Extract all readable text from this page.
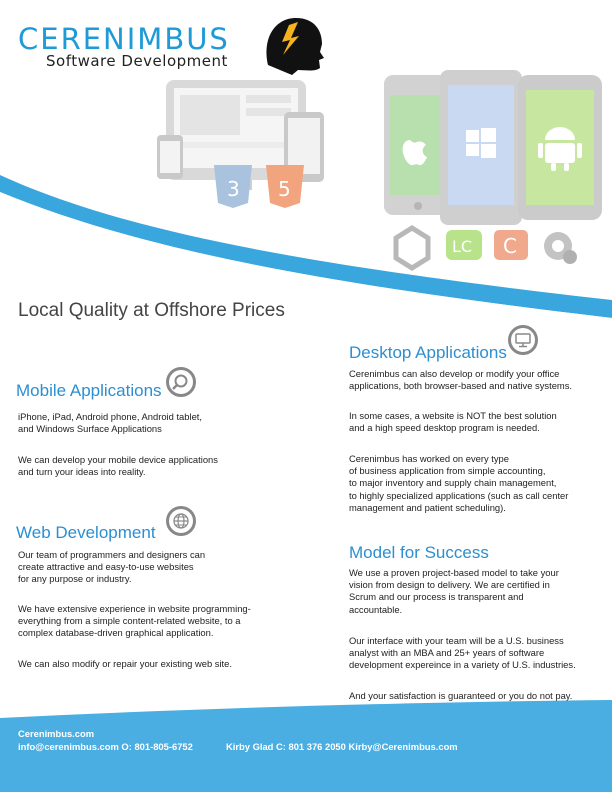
3 5
LC C
CERENIMBUS
Software Development
Local Quality at Offshore Prices
Mobile Applications

iPhone, iPad, Android phone, Android tablet,
and Windows Surface Applications

We can develop your mobile device applications
and turn your ideas into reality.

Web Development

Our team of programmers and designers can
create attractive and easy-to-use websites
for any purpose or industry.

We have extensive experience in website programming-
everything from a simple content-related website, to a
complex database-driven graphical application.

We can also modify or repair your existing web site.

Desktop Applications

Cerenimbus can also develop or modify your office
applications, both browser-based and native systems.

In some cases, a website is NOT the best solution
and a high speed desktop program is needed.

Cerenimbus has worked on every type
of business application from simple accounting,
to major inventory and supply chain management,
to highly specialized applications (such as call center
management and patient scheduling).

Model for Success

We use a proven project-based model to take your
vision from design to delivery. We are certified in
Scrum and our process is transparent and
accountable.

Our interface with your team will be a U.S. business
analyst with an MBA and 25+ years of software
development expereince in a variety of U.S. industries.

And your satisfaction is guaranteed or you do not pay.

Cerenimbus.com
info@cerenimbus.com O: 801-805-6752	Kirby Glad C: 801 376 2050 Kirby@Cerenimbus.com
